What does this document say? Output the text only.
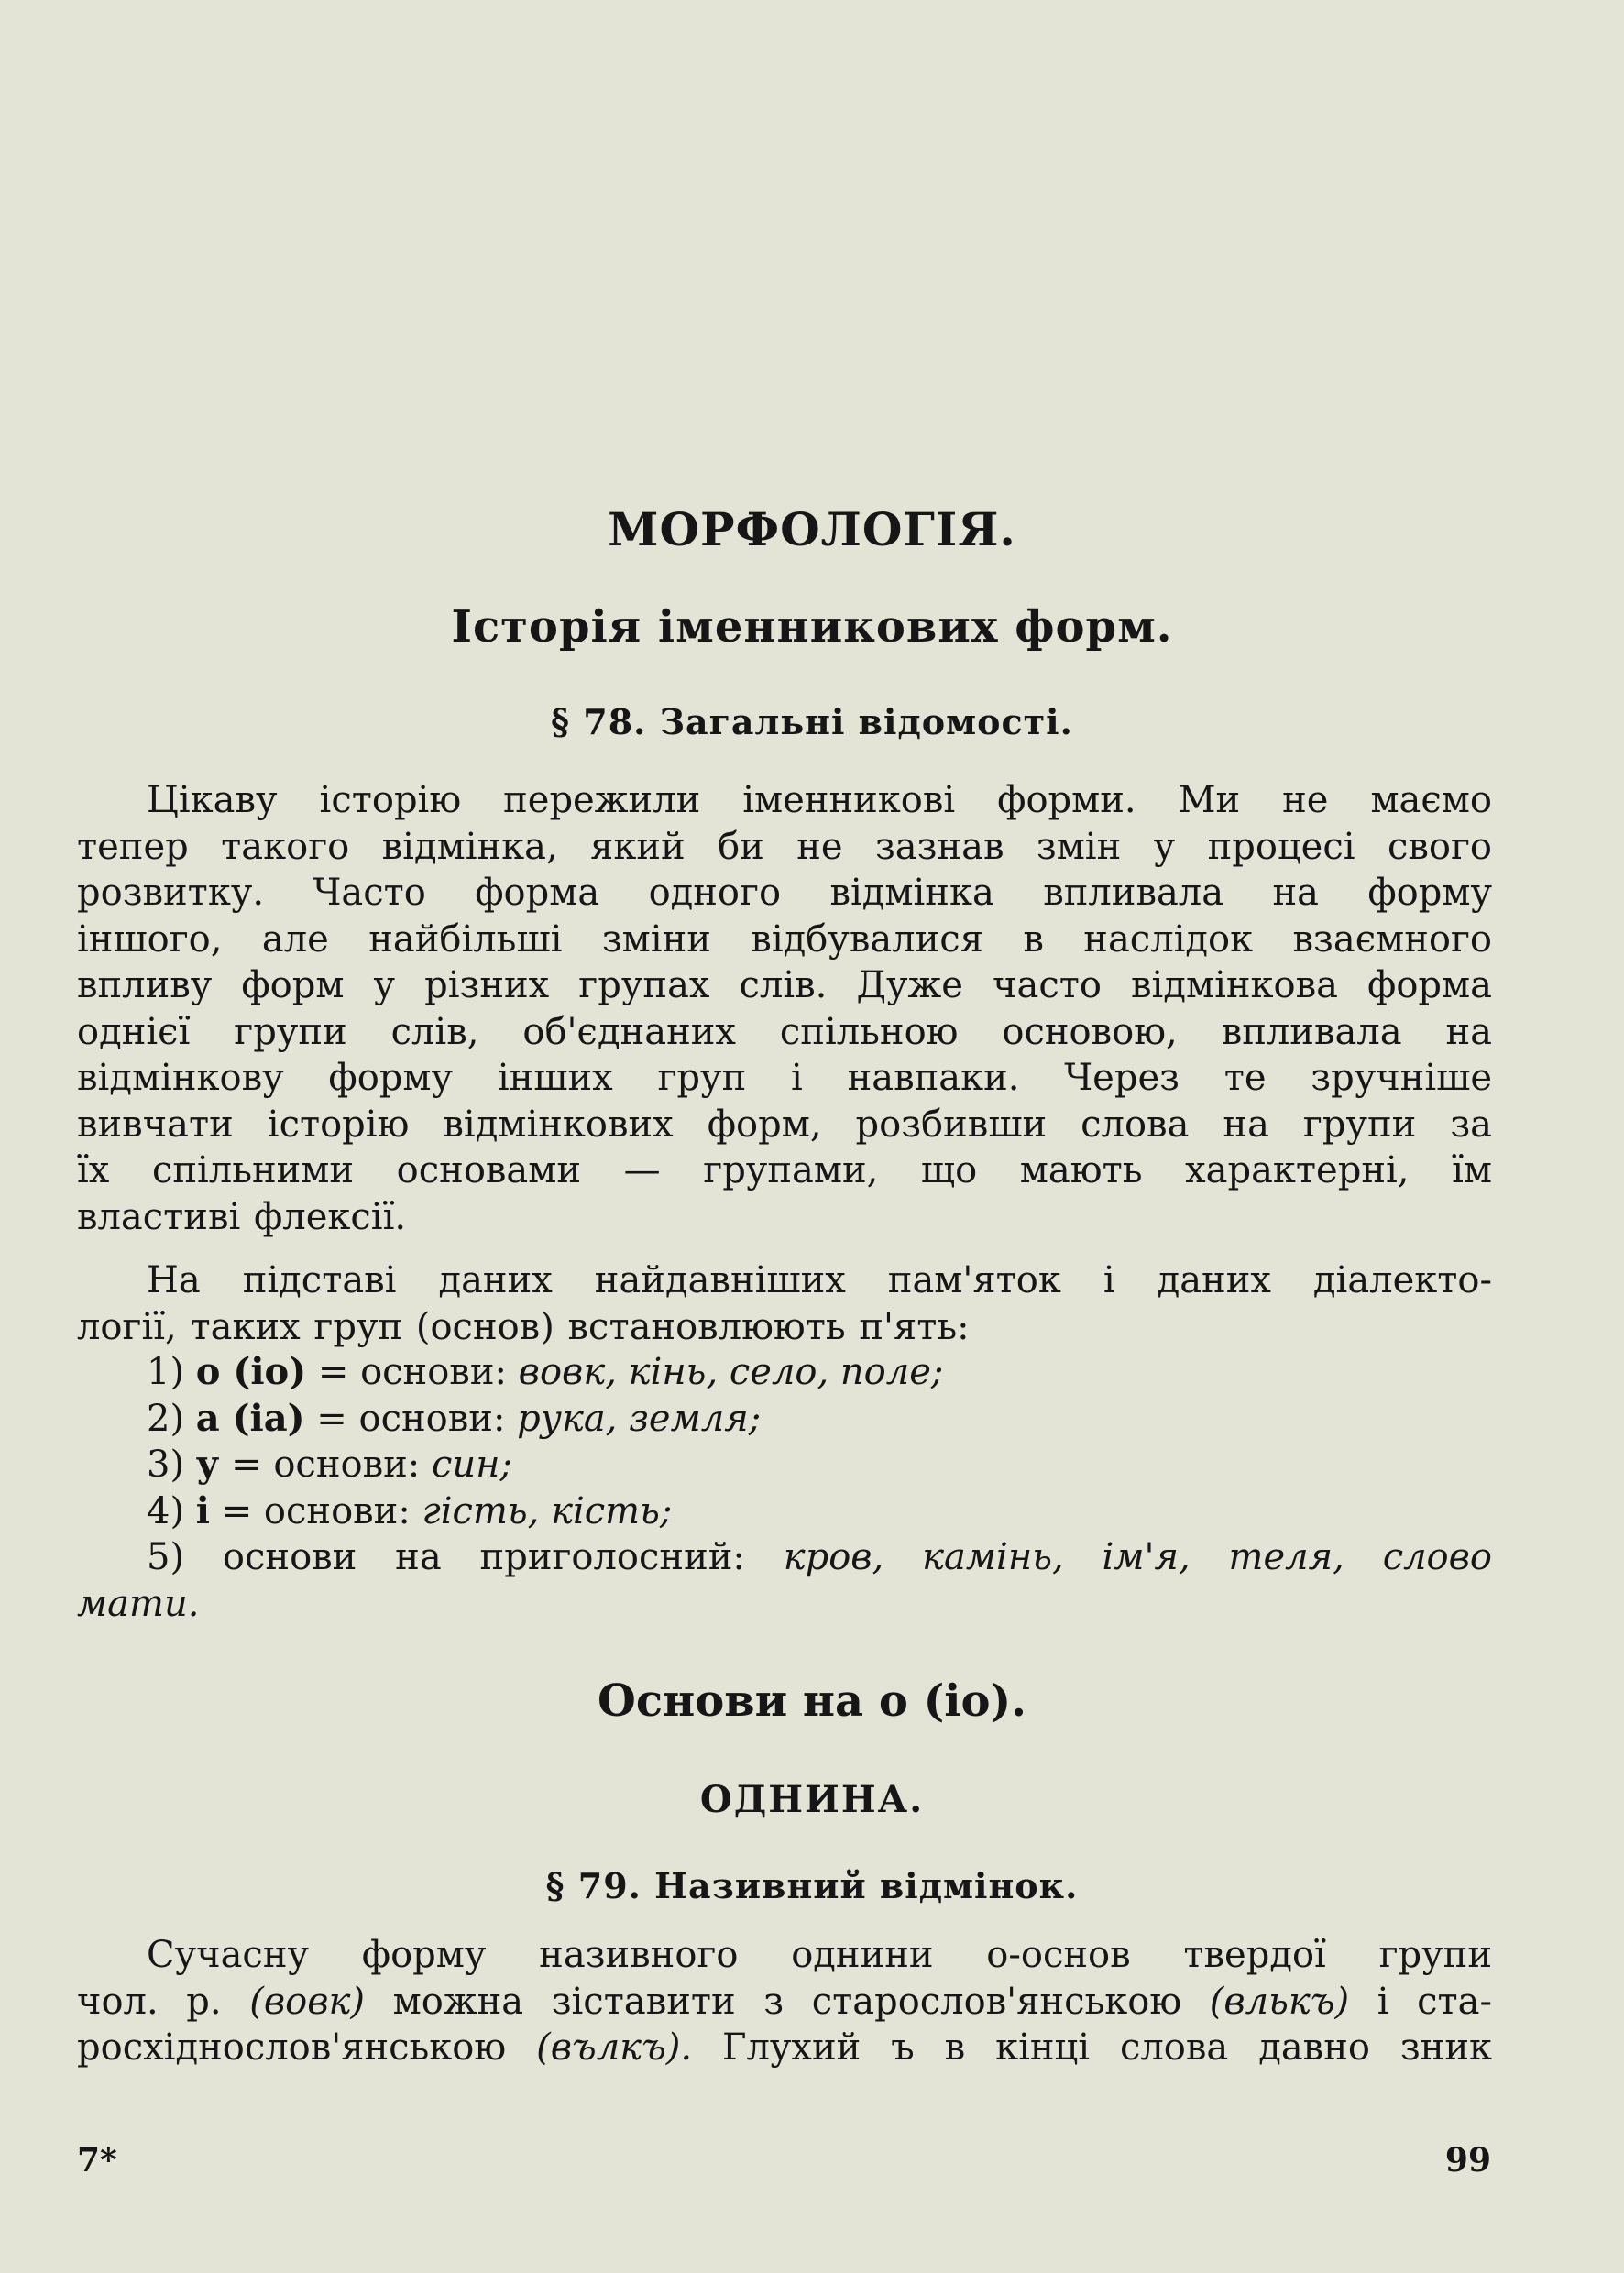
МОРФОЛОГІЯ.
Історія іменникових форм.
§ 78. Загальні відомості.
Цікаву історію пережили іменникові форми. Ми не маємо
тепер такого відмінка, який би не зазнав змін у процесі свого
розвитку. Часто форма одного відмінка впливала на форму
іншого, але найбільші зміни відбувалися в наслідок взаємного
впливу форм у різних групах слів. Дуже часто відмінкова форма
однієї групи слів, об'єднаних спільною основою, впливала на
відмінкову форму інших груп і навпаки. Через те зручніше
вивчати історію відмінкових форм, розбивши слова на групи за
їх спільними основами — групами, що мають характерні, їм
властиві флексії.
На підставі даних найдавніших пам'яток і даних діалекто-
логії, таких груп (основ) встановлюють п'ять:
1) о (іо) = основи: вовк, кінь, село, поле;
2) а (іа) = основи: рука, земля;
3) у = основи: син;
4) і = основи: гість, кість;
5) основи на приголосний: кров, камінь, ім'я, теля, слово
мати.
Основи на о (іо).
ОДНИНА.
§ 79. Називний відмінок.
Сучасну форму називного однини о-основ твердої групи
чол. р. (вовк) можна зіставити з старослов'янською (влькъ) і ста-
росхіднослов'янською (вълкъ). Глухий ъ в кінці слова давно зник
7*	99
